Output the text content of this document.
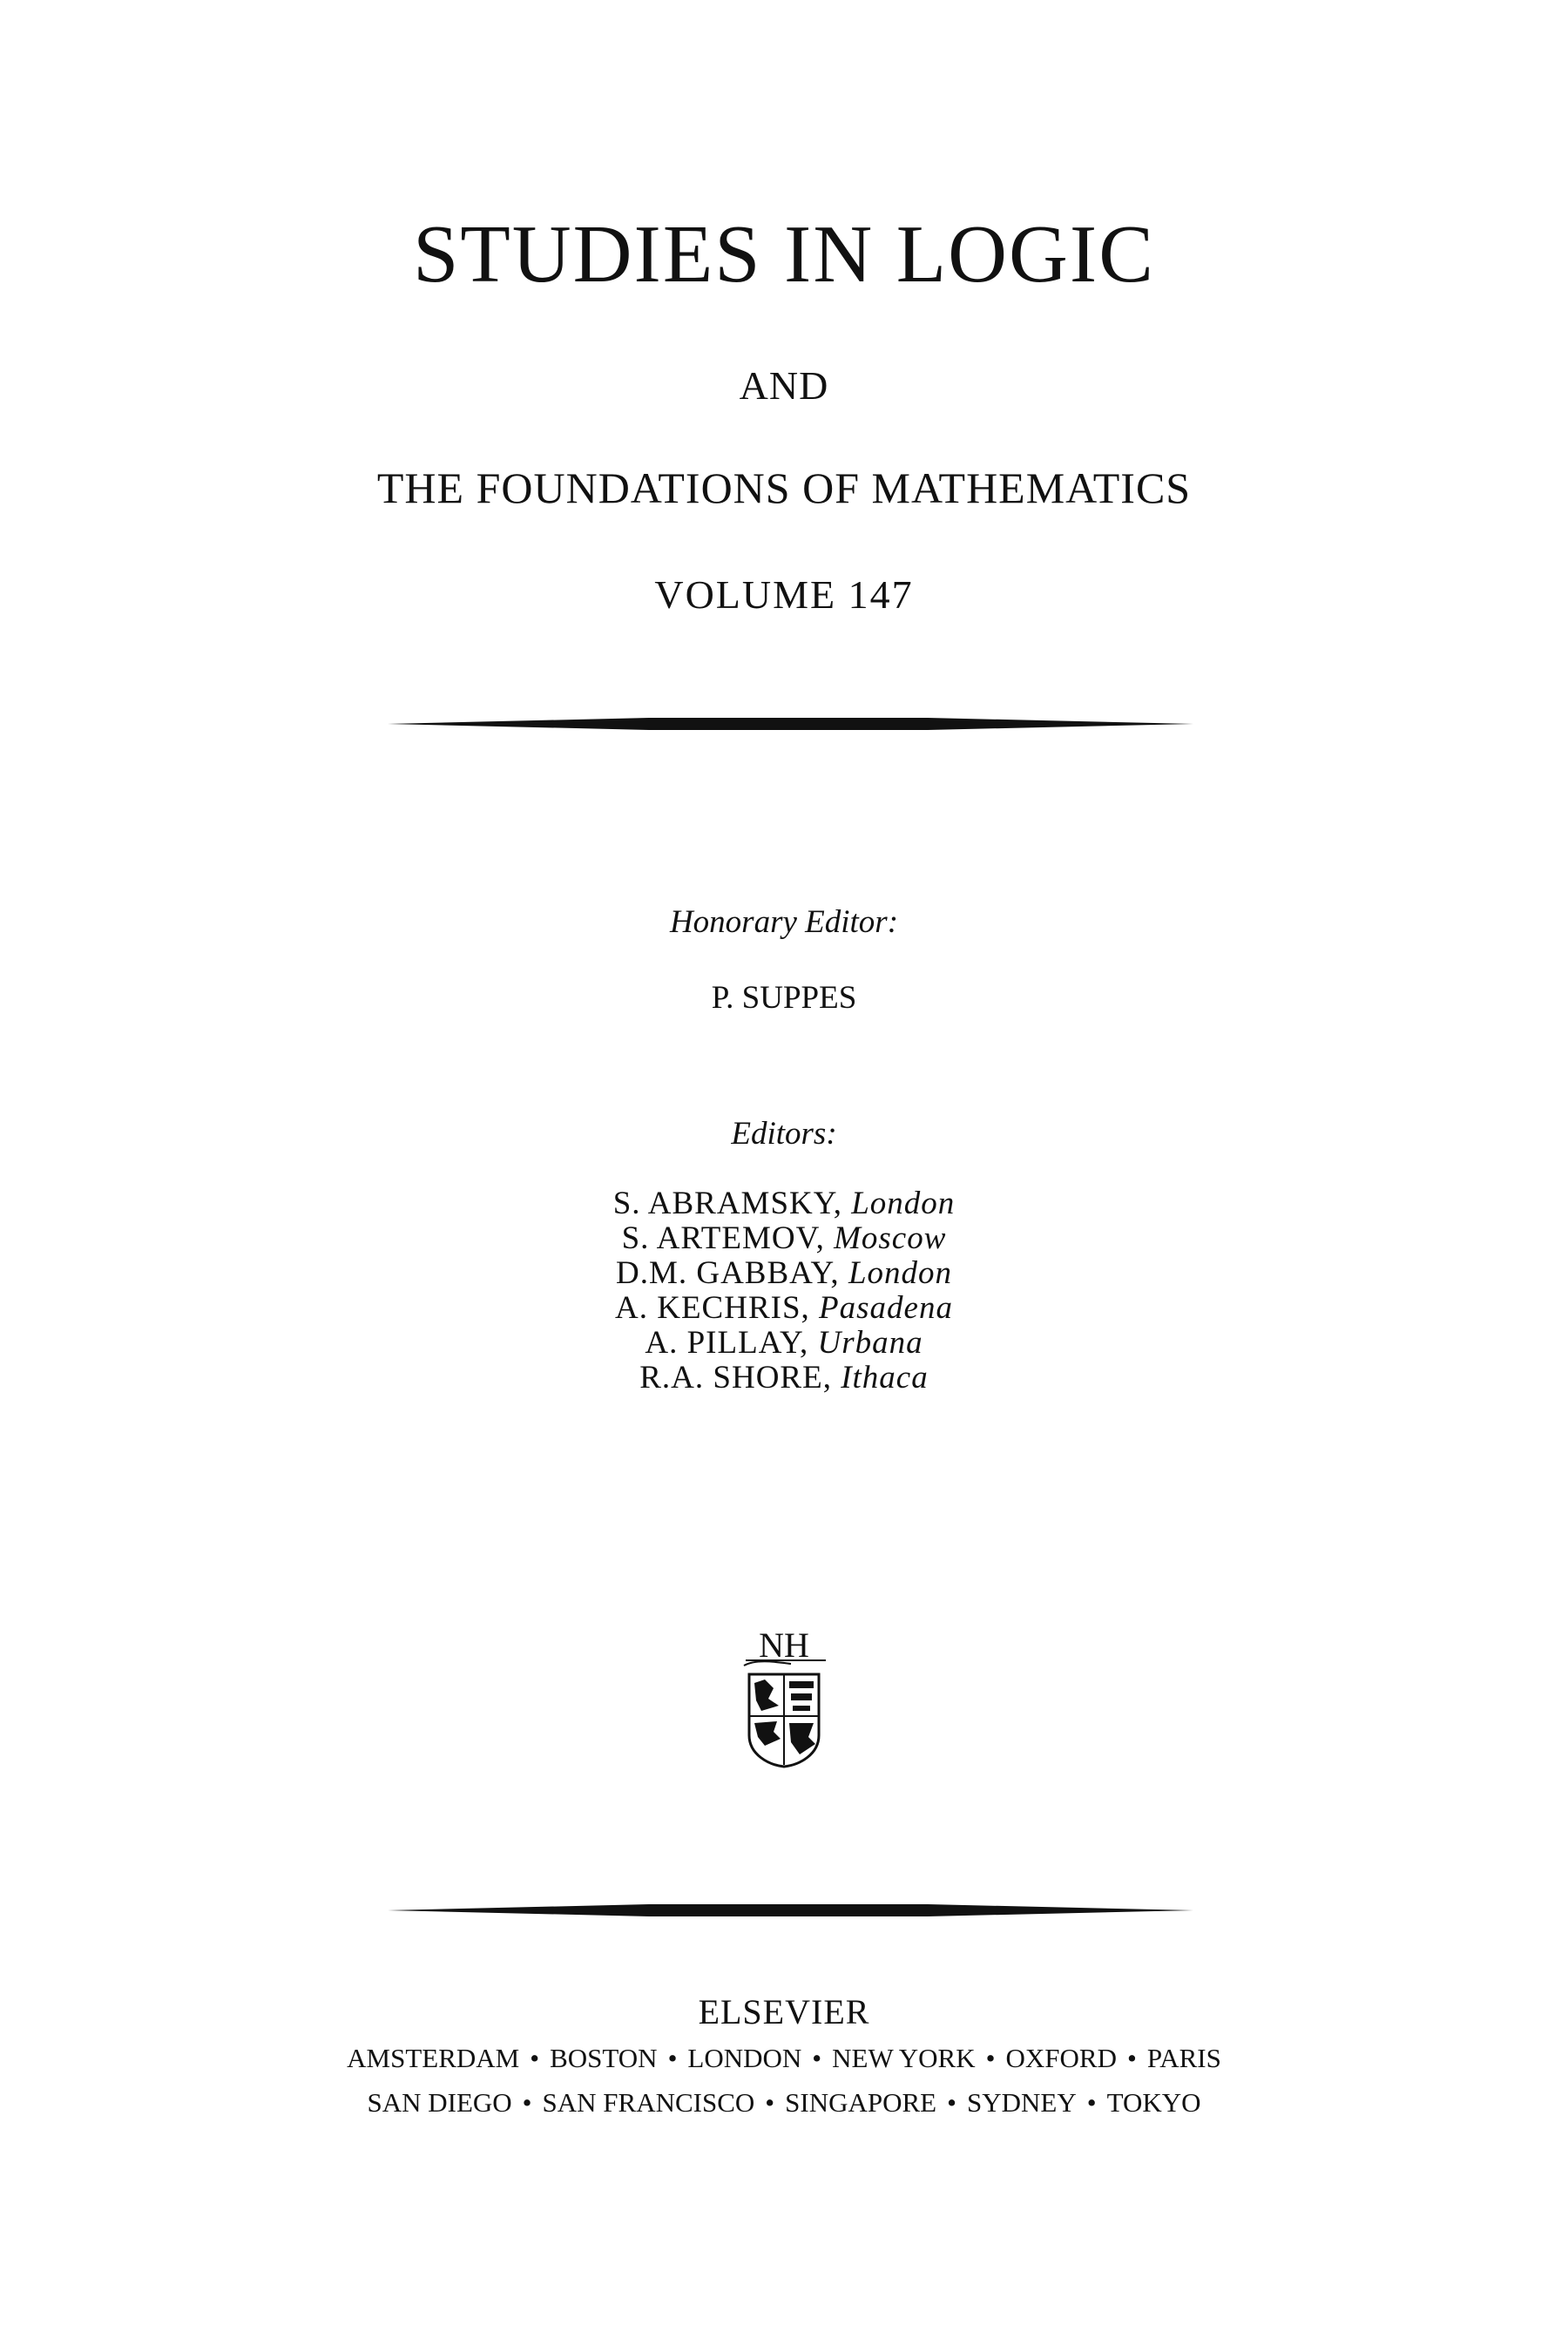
STUDIES IN LOGIC
AND
THE FOUNDATIONS OF MATHEMATICS
VOLUME 147
Honorary Editor:
P. SUPPES
Editors:
S. ABRAMSKY, London
S. ARTEMOV, Moscow
D.M. GABBAY, London
A. KECHRIS, Pasadena
A. PILLAY, Urbana
R.A. SHORE, Ithaca
NH
ELSEVIER
AMSTERDAM • BOSTON • LONDON • NEW YORK • OXFORD • PARIS
SAN DIEGO • SAN FRANCISCO • SINGAPORE • SYDNEY • TOKYO
